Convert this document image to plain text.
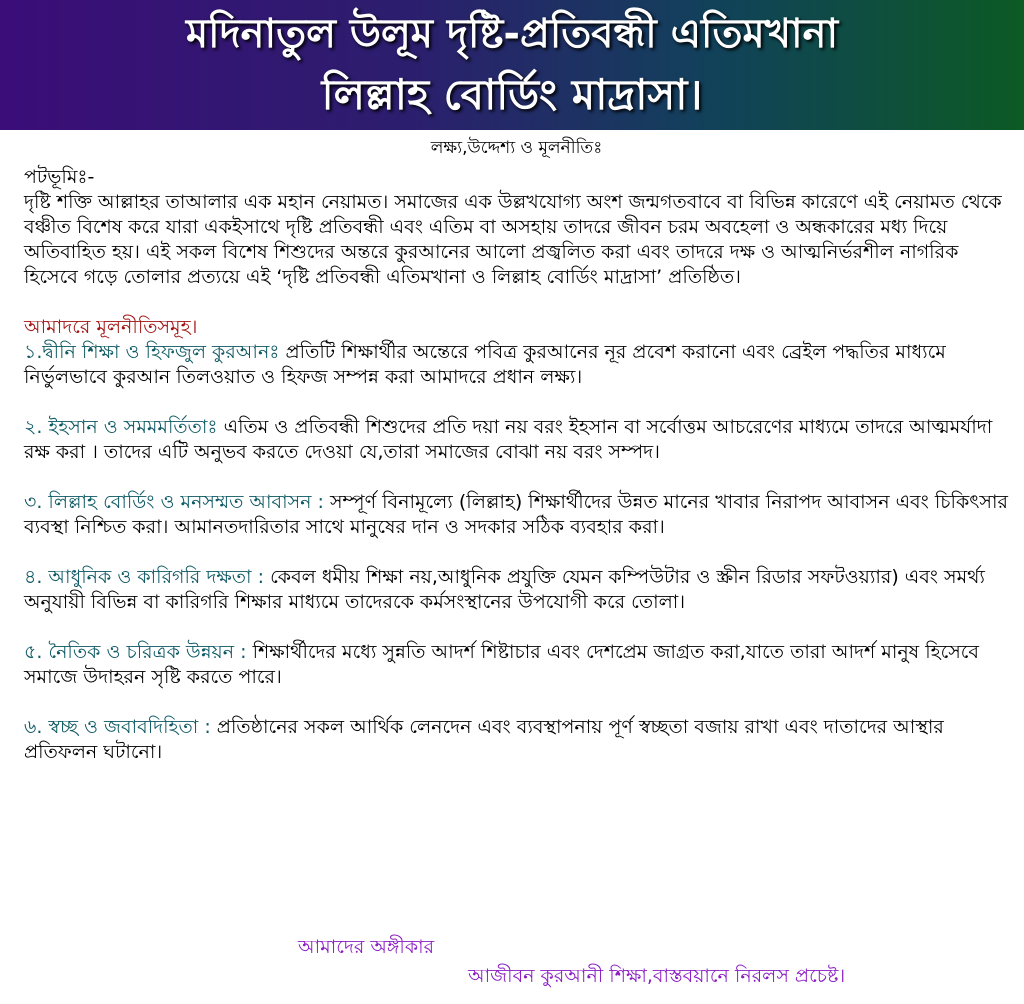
মদিনাতুল উলূম দৃষ্টি-প্রতিবন্ধী এতিমখানা
লিল্লাহ বোর্ডিং মাদ্রাসা।
লক্ষ্য,উদ্দেশ্য ও মূলনীতিঃ
পটভূমিঃ-

দৃষ্টি শক্তি আল্লাহর তাআলার এক মহান নেয়ামত। সমাজের এক উল্লখযোগ্য অংশ জন্মগতবাবে বা বিভিন্ন কারেণে এই নেয়ামত থেকে বঞ্চীত বিশেষ করে যারা একইসাথে দৃষ্টি প্রতিবন্ধী এবং এতিম বা অসহায় তাদরে জীবন চরম অবহেলা ও অন্ধকারের মধ্য দিয়ে অতিবাহিত হয়। এই সকল বিশেষ শিশুদের অন্তরে কুরআনের আলো প্রজ্বলিত করা এবং তাদরে দক্ষ ও আত্মনির্ভরশীল নাগরিক হিসেবে গড়ে তোলার প্রত্যয়ে এই ‘দৃষ্টি প্রতিবন্ধী এতিমখানা ও লিল্লাহ বোর্ডিং মাদ্রাসা’ প্রতিষ্ঠিত।

আমাদরে মূলনীতিসমূহ।

১.দ্বীনি শিক্ষা ও হিফজুল কুরআনঃ প্রতিটি শিক্ষার্থীর অন্তেরে পবিত্র কুরআনের নূর প্রবেশ করানো এবং ব্রেইল পদ্ধতির মাধ্যমে নির্ভুলভাবে কুরআন তিলওয়াত ও হিফজ সম্পন্ন করা আমাদরে প্রধান লক্ষ্য।

২. ইহসান ও সমমমর্তিতাঃ এতিম ও প্রতিবন্ধী শিশুদের প্রতি দয়া নয় বরং ইহসান বা সর্বোত্তম আচরেণের মাধ্যমে তাদরে আত্মমর্যাদা রক্ষ করা । তাদের এটি অনুভব করতে দেওয়া যে,তারা সমাজের বোঝা নয় বরং সম্পদ।

৩. লিল্লাহ বোর্ডিং ও মনসম্মত আবাসন : সম্পূর্ণ বিনামূল্যে (লিল্লাহ) শিক্ষার্থীদের উন্নত মানের খাবার নিরাপদ আবাসন এবং চিকিৎসার ব্যবস্থা নিশ্চিত করা। আমানতদারিতার সাথে মানুষের দান ও সদকার সঠিক ব্যবহার করা।

৪. আধুনিক ও কারিগরি দক্ষতা : কেবল ধমীয় শিক্ষা নয়,আধুনিক প্রযুক্তি যেমন কম্পিউটার ও স্ক্রীন রিডার সফটওয়্যার) এবং সমর্থ্য অনুযায়ী বিভিন্ন বা কারিগরি শিক্ষার মাধ্যমে তাদেরকে কর্মসংস্থানের উপযোগী করে তোলা।

৫. নৈতিক ও চরিত্রক উন্নয়ন : শিক্ষার্থীদের মধ্যে সুন্নতি আদর্শ শিষ্টাচার এবং দেশপ্রেম জাগ্রত করা,যাতে তারা আদর্শ মানুষ হিসেবে সমাজে উদাহরন সৃষ্টি করতে পারে।

৬. স্বচ্ছ ও জবাবদিহিতা : প্রতিষ্ঠানের সকল আর্থিক লেনদেন এবং ব্যবস্থাপনায় পূর্ণ স্বচ্ছতা বজায় রাখা এবং দাতাদের আস্থার প্রতিফলন ঘটানো।

আমাদের অঙ্গীকার
আজীবন কুরআনী শিক্ষা,বাস্তবয়ানে নিরলস প্রচেষ্ট।
